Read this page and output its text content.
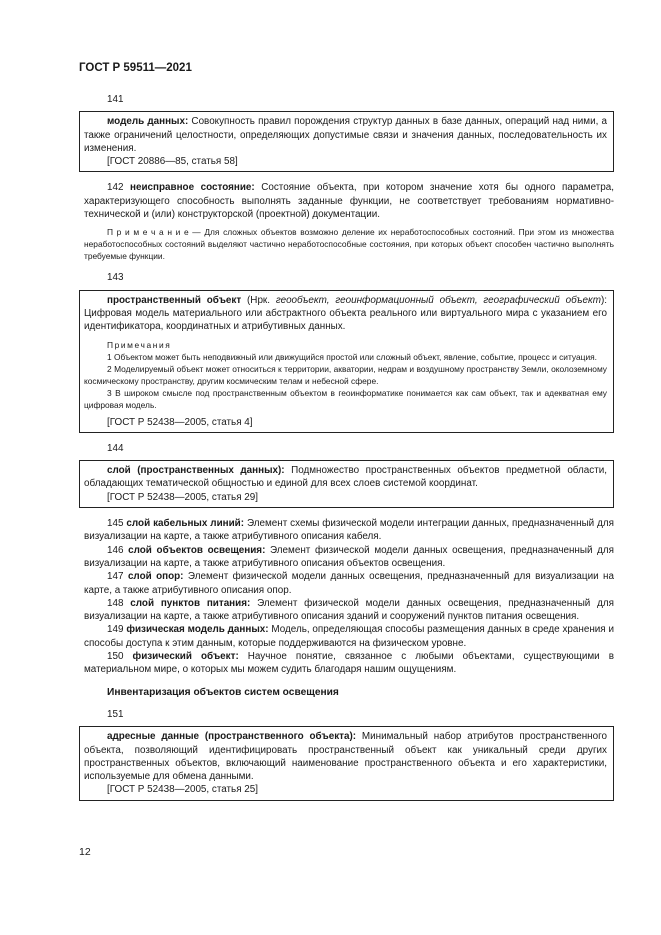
ГОСТ Р 59511—2021

141

модель данных: Совокупность правил порождения структур данных в базе данных, операций над ними, а также ограничений целостности, определяющих допустимые связи и значения данных, последовательность их изменения.

[ГОСТ 20886—85, статья 58]

142 неисправное состояние: Состояние объекта, при котором значение хотя бы одного параметра, характеризующего способность выполнять заданные функции, не соответствует требованиям нормативно-технической и (или) конструкторской (проектной) документации.

П р и м е ч а н и е — Для сложных объектов возможно деление их неработоспособных состояний. При этом из множества неработоспособных состояний выделяют частично неработоспособные состояния, при которых объект способен частично выполнять требуемые функции.

143

пространственный объект (Нрк. геообъект, геоинформационный объект, географический объект): Цифровая модель материального или абстрактного объекта реального или виртуального мира с указанием его идентификатора, координатных и атрибутивных данных.

Примечания

1 Объектом может быть неподвижный или движущийся простой или сложный объект, явление, событие, процесс и ситуация.

2 Моделируемый объект может относиться к территории, акватории, недрам и воздушному пространству Земли, околоземному космическому пространству, другим космическим телам и небесной сфере.

3 В широком смысле под пространственным объектом в геоинформатике понимается как сам объект, так и адекватная ему цифровая модель.

[ГОСТ Р 52438—2005, статья 4]

144

слой (пространственных данных): Подмножество пространственных объектов предметной области, обладающих тематической общностью и единой для всех слоев системой координат.

[ГОСТ Р 52438—2005, статья 29]

145 слой кабельных линий: Элемент схемы физической модели интеграции данных, предназначенный для визуализации на карте, а также атрибутивного описания кабеля.

146 слой объектов освещения: Элемент физической модели данных освещения, предназначенный для визуализации на карте, а также атрибутивного описания объектов освещения.

147 слой опор: Элемент физической модели данных освещения, предназначенный для визуализации на карте, а также атрибутивного описания опор.

148 слой пунктов питания: Элемент физической модели данных освещения, предназначенный для визуализации на карте, а также атрибутивного описания зданий и сооружений пунктов питания освещения.

149 физическая модель данных: Модель, определяющая способы размещения данных в среде хранения и способы доступа к этим данным, которые поддерживаются на физическом уровне.

150 физический объект: Научное понятие, связанное с любыми объектами, существующими в материальном мире, о которых мы можем судить благодаря нашим ощущениям.

Инвентаризация объектов систем освещения

151

адресные данные (пространственного объекта): Минимальный набор атрибутов пространственного объекта, позволяющий идентифицировать пространственный объект как уникальный среди других пространственных объектов, включающий наименование пространственного объекта и его характеристики, используемые для обмена данными.

[ГОСТ Р 52438—2005, статья 25]

12
